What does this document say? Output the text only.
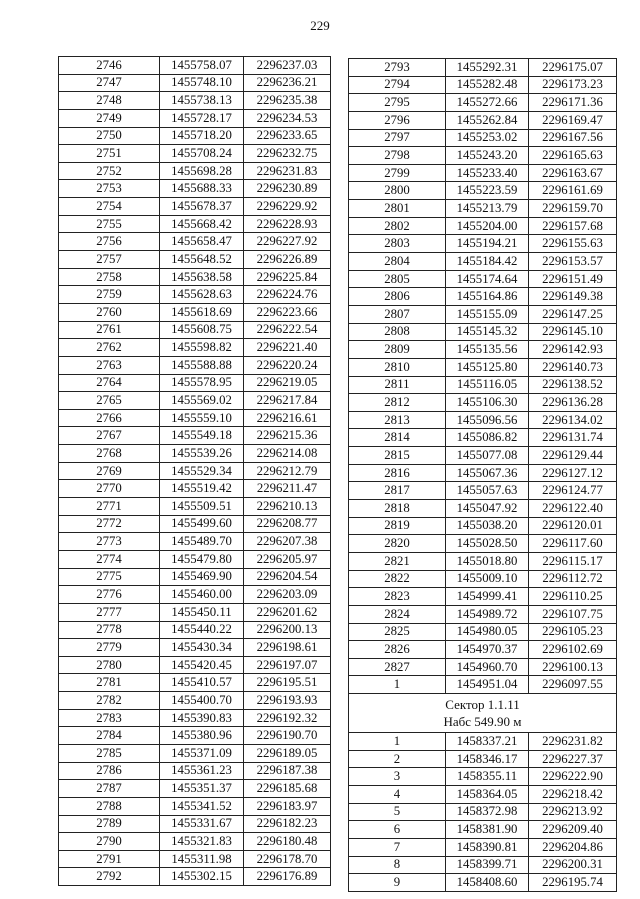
229
2746	1455758.07	2296237.03
2747	1455748.10	2296236.21
2748	1455738.13	2296235.38
2749	1455728.17	2296234.53
2750	1455718.20	2296233.65
2751	1455708.24	2296232.75
2752	1455698.28	2296231.83
2753	1455688.33	2296230.89
2754	1455678.37	2296229.92
2755	1455668.42	2296228.93
2756	1455658.47	2296227.92
2757	1455648.52	2296226.89
2758	1455638.58	2296225.84
2759	1455628.63	2296224.76
2760	1455618.69	2296223.66
2761	1455608.75	2296222.54
2762	1455598.82	2296221.40
2763	1455588.88	2296220.24
2764	1455578.95	2296219.05
2765	1455569.02	2296217.84
2766	1455559.10	2296216.61
2767	1455549.18	2296215.36
2768	1455539.26	2296214.08
2769	1455529.34	2296212.79
2770	1455519.42	2296211.47
2771	1455509.51	2296210.13
2772	1455499.60	2296208.77
2773	1455489.70	2296207.38
2774	1455479.80	2296205.97
2775	1455469.90	2296204.54
2776	1455460.00	2296203.09
2777	1455450.11	2296201.62
2778	1455440.22	2296200.13
2779	1455430.34	2296198.61
2780	1455420.45	2296197.07
2781	1455410.57	2296195.51
2782	1455400.70	2296193.93
2783	1455390.83	2296192.32
2784	1455380.96	2296190.70
2785	1455371.09	2296189.05
2786	1455361.23	2296187.38
2787	1455351.37	2296185.68
2788	1455341.52	2296183.97
2789	1455331.67	2296182.23
2790	1455321.83	2296180.48
2791	1455311.98	2296178.70
2792	1455302.15	2296176.89
2793	1455292.31	2296175.07
2794	1455282.48	2296173.23
2795	1455272.66	2296171.36
2796	1455262.84	2296169.47
2797	1455253.02	2296167.56
2798	1455243.20	2296165.63
2799	1455233.40	2296163.67
2800	1455223.59	2296161.69
2801	1455213.79	2296159.70
2802	1455204.00	2296157.68
2803	1455194.21	2296155.63
2804	1455184.42	2296153.57
2805	1455174.64	2296151.49
2806	1455164.86	2296149.38
2807	1455155.09	2296147.25
2808	1455145.32	2296145.10
2809	1455135.56	2296142.93
2810	1455125.80	2296140.73
2811	1455116.05	2296138.52
2812	1455106.30	2296136.28
2813	1455096.56	2296134.02
2814	1455086.82	2296131.74
2815	1455077.08	2296129.44
2816	1455067.36	2296127.12
2817	1455057.63	2296124.77
2818	1455047.92	2296122.40
2819	1455038.20	2296120.01
2820	1455028.50	2296117.60
2821	1455018.80	2296115.17
2822	1455009.10	2296112.72
2823	1454999.41	2296110.25
2824	1454989.72	2296107.75
2825	1454980.05	2296105.23
2826	1454970.37	2296102.69
2827	1454960.70	2296100.13
1	1454951.04	2296097.55

Сектор 1.1.11
Набс 549.90 м		

1	1458337.21	2296231.82
2	1458346.17	2296227.37
3	1458355.11	2296222.90
4	1458364.05	2296218.42
5	1458372.98	2296213.92
6	1458381.90	2296209.40
7	1458390.81	2296204.86
8	1458399.71	2296200.31
9	1458408.60	2296195.74
